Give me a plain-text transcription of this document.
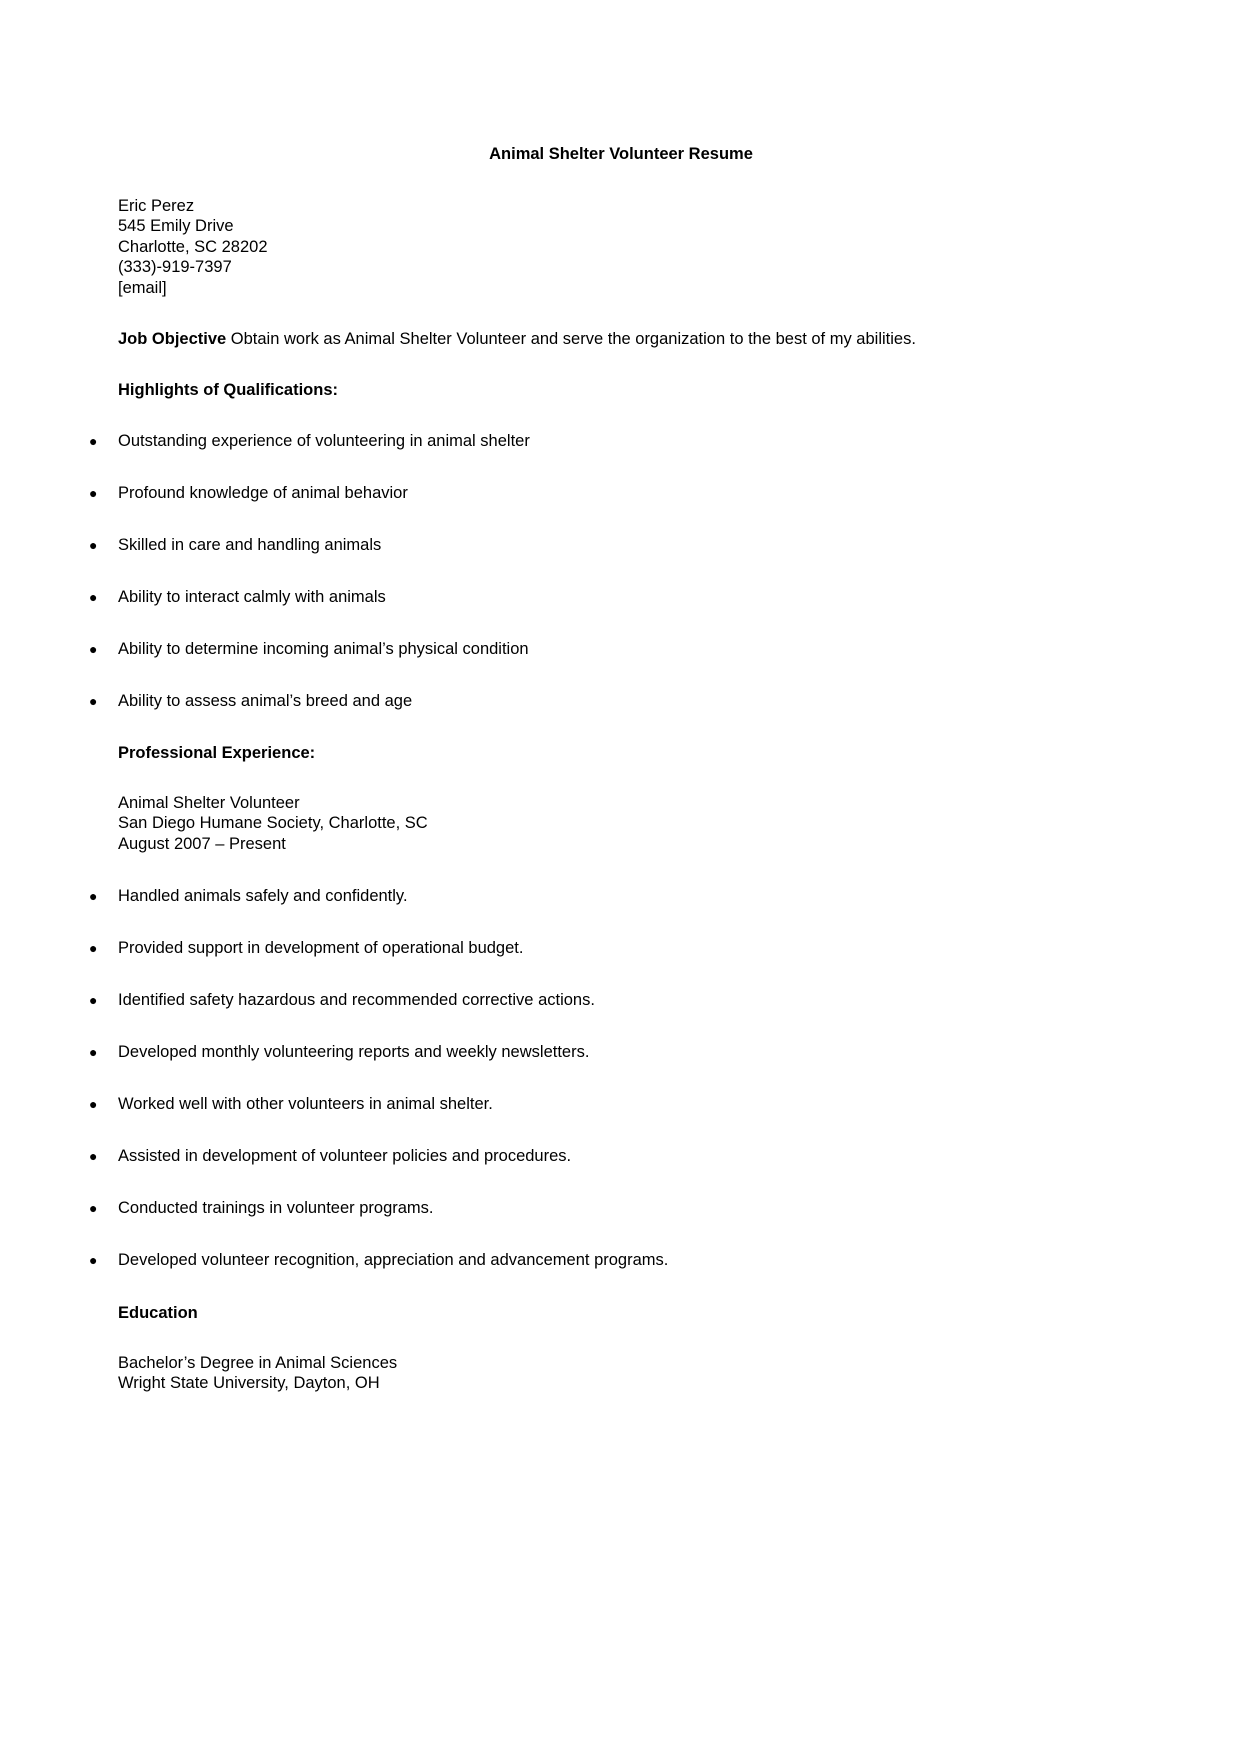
Animal Shelter Volunteer Resume
Eric Perez
545 Emily Drive
Charlotte, SC 28202
(333)-919-7397
[email]
Job Objective Obtain work as Animal Shelter Volunteer and serve the organization to the best of my abilities.
Highlights of Qualifications:
● Outstanding experience of volunteering in animal shelter
● Profound knowledge of animal behavior
● Skilled in care and handling animals
● Ability to interact calmly with animals
● Ability to determine incoming animal’s physical condition
● Ability to assess animal’s breed and age
Professional Experience:
Animal Shelter Volunteer
San Diego Humane Society, Charlotte, SC
August 2007 – Present
● Handled animals safely and confidently.
● Provided support in development of operational budget.
● Identified safety hazardous and recommended corrective actions.
● Developed monthly volunteering reports and weekly newsletters.
● Worked well with other volunteers in animal shelter.
● Assisted in development of volunteer policies and procedures.
● Conducted trainings in volunteer programs.
● Developed volunteer recognition, appreciation and advancement programs.
Education
Bachelor’s Degree in Animal Sciences
Wright State University, Dayton, OH
